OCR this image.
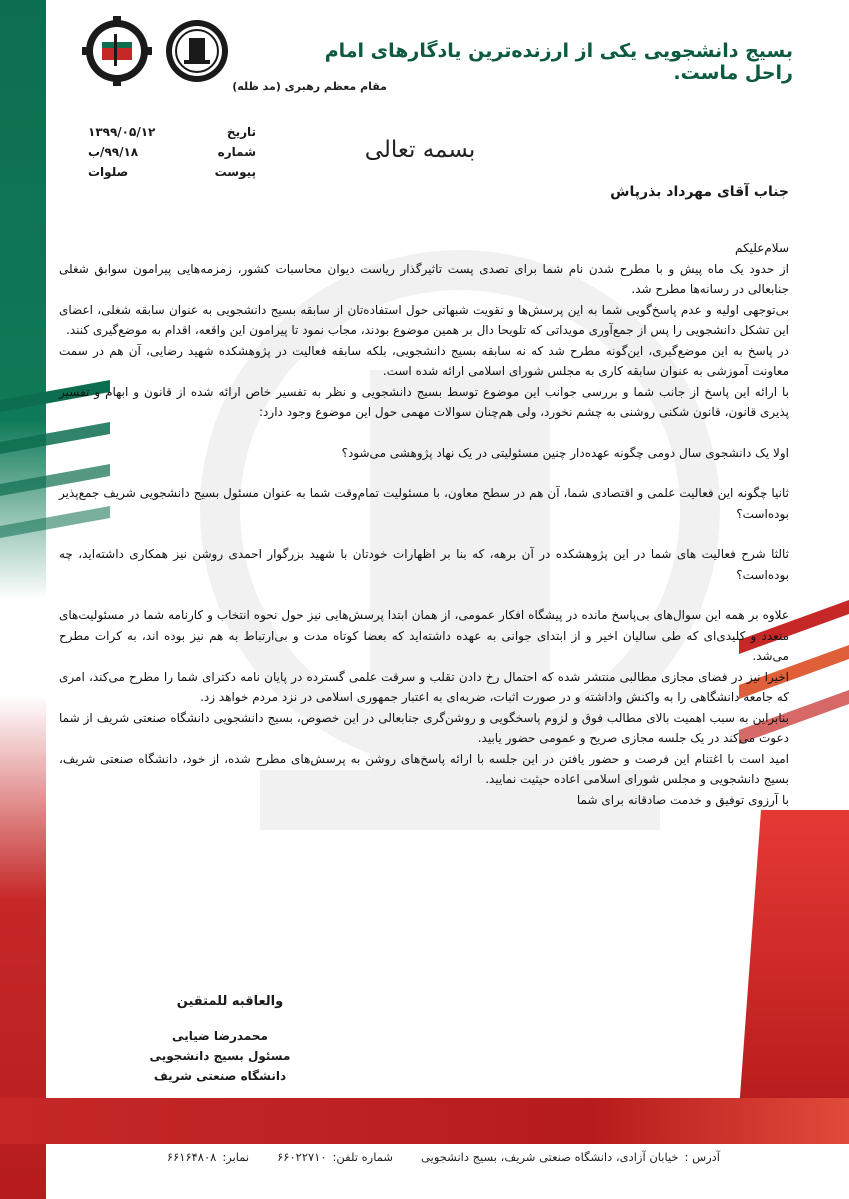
بسیج دانشجویی یکی از ارزنده‌ترین یادگارهای امام راحل ماست.
مقام معظم رهبری (مد ظله)
۱۳۹۹/۰۵/۱۲
۹۹/۱۸/ب
صلوات
تاریخ
شماره
پیوست
بسمه تعالی
جناب آقای مهرداد بذرپاش

سلام‌علیکم

از حدود یک ماه پیش و با مطرح شدن نام شما برای تصدی پست تاثیرگذار ریاست دیوان محاسبات کشور، زمزمه‌هایی پیرامون سوابق شغلی جنابعالی در رسانه‌ها مطرح شد.

بی‌توجهی اولیه و عدم پاسخ‌گویی شما به این پرسش‌ها و تقویت شبهاتی حول استفاده‌تان از سابقه بسیج دانشجویی به عنوان سابقه شغلی، اعضای این تشکل دانشجویی را پس از جمع‌آوری مویداتی که تلویحا دال بر همین موضوع بودند، مجاب نمود تا پیرامون این واقعه، اقدام به موضع‌گیری کنند.

در پاسخ به این موضع‌گیری، این‌گونه مطرح شد که نه سابقه بسیج دانشجویی، بلکه سابقه فعالیت در پژوهشکده شهید رضایی، آن هم در سمت معاونت آموزشی به عنوان سابقه کاری به مجلس شورای اسلامی ارائه شده است.

با ارائه این پاسخ از جانب شما و بررسی جوانب این موضوع توسط بسیج دانشجویی و نظر به تفسیر خاص ارائه شده از قانون و ابهام و تفسیر پذیری قانون، قانون شکنی روشنی به چشم نخورد، ولی هم‌چنان سوالات مهمی حول این موضوع وجود دارد:

اولا یک دانشجوی سال دومی چگونه عهده‌دار چنین مسئولیتی در یک نهاد پژوهشی می‌شود؟

ثانیا چگونه این فعالیت علمی و اقتصادی شما، آن هم در سطح معاون، با مسئولیت تمام‌وقت شما به عنوان مسئول بسیج دانشجویی شریف جمع‌پذیر بوده‌است؟

ثالثا شرح فعالیت های شما در این پژوهشکده در آن برهه، که بنا بر اظهارات خودتان با شهید بزرگوار احمدی روشن نیز همکاری داشته‌اید، چه بوده‌است؟

علاوه بر همه این سوال‌های بی‌پاسخ مانده در پیشگاه افکار عمومی، از همان ابتدا پرسش‌هایی نیز حول نحوه انتخاب و کارنامه شما در مسئولیت‌های متعدد و کلیدی‌ای که طی سالیان اخیر و از ابتدای جوانی به عهده داشته‌اید که بعضا کوتاه مدت و بی‌ارتباط به هم نیز بوده اند، به کرات مطرح می‌شد.

اخیرا نیز در فضای مجازی مطالبی منتشر شده که احتمال رخ دادن تقلب و سرقت علمی گسترده در پایان نامه دکترای شما را مطرح می‌کند، امری که جامعه دانشگاهی را به واکنش واداشته و در صورت اثبات، ضربه‌ای به اعتبار جمهوری اسلامی در نزد مردم خواهد زد.

بنابراین به سبب اهمیت بالای مطالب فوق و لزوم پاسخگویی و روشن‌گری جنابعالی در این خصوص، بسیج دانشجویی دانشگاه صنعتی شریف از شما دعوت می‌کند در یک جلسه مجازی صریح و عمومی حضور یابید.

امید است با اغتنام این فرصت و حضور یافتن در این جلسه با ارائه پاسخ‌های روشن به پرسش‌های مطرح شده، از خود، دانشگاه صنعتی شریف، بسیج دانشجویی و مجلس شورای اسلامی اعاده حیثیت نمایید.

با آرزوی توفیق و خدمت صادقانه برای شما

والعاقبه للمتقین
محمدرضا ضیایی
مسئول بسیج دانشجویی
دانشگاه صنعتی شریف
آدرس :
خیابان آزادی، دانشگاه صنعتی شریف، بسیج دانشجویی
شماره تلفن:
۶۶۰۲۲۷۱۰
نمابر:
۶۶۱۶۴۸۰۸
